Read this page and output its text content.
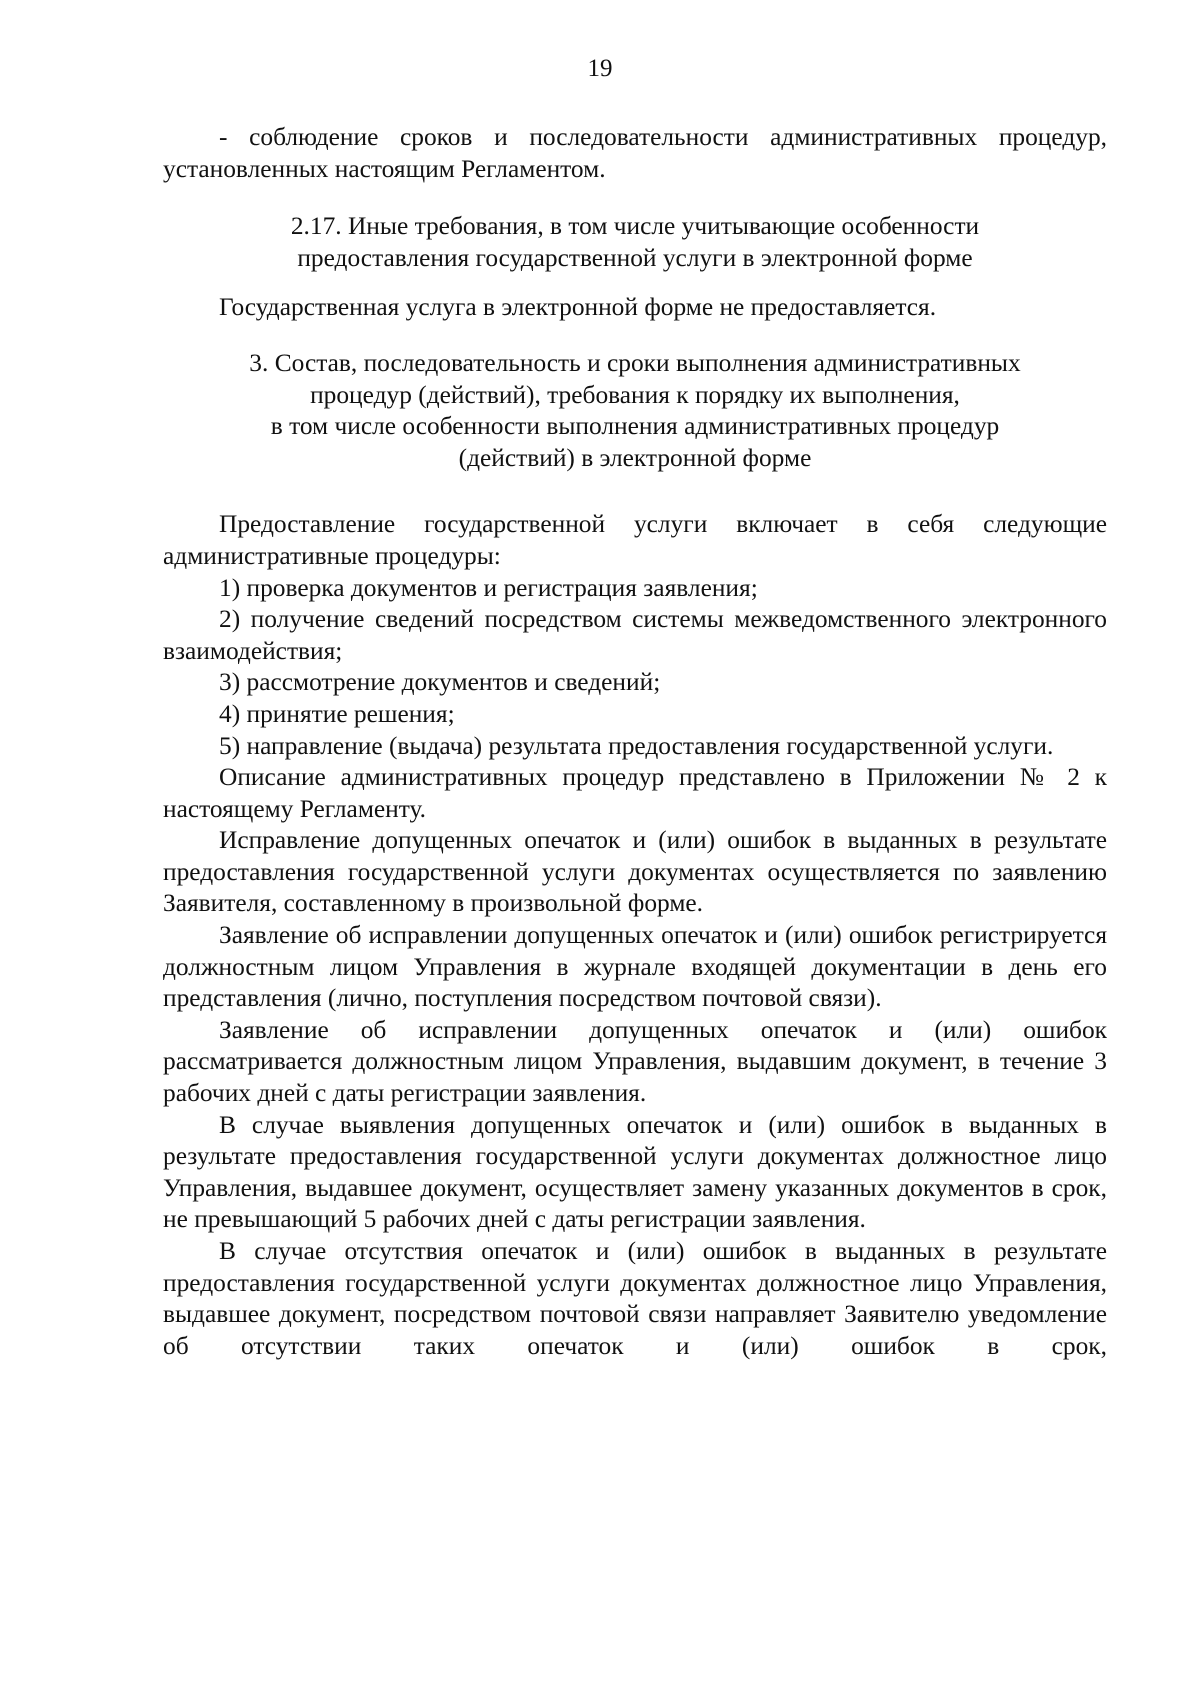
19

- соблюдение сроков и последовательности административных процедур, установленных настоящим Регламентом.

2.17. Иные требования, в том числе учитывающие особенности
предоставления государственной услуги в электронной форме

Государственная услуга в электронной форме не предоставляется.

3. Состав, последовательность и сроки выполнения административных
процедур (действий), требования к порядку их выполнения,
в том числе особенности выполнения административных процедур
(действий) в электронной форме

Предоставление государственной услуги включает в себя следующие административные процедуры:

1) проверка документов и регистрация заявления;

2) получение сведений посредством системы межведомственного электронного взаимодействия;

3) рассмотрение документов и сведений;

4) принятие решения;

5) направление (выдача) результата предоставления государственной услуги.

Описание административных процедур представлено в Приложении № 2 к настоящему Регламенту.

Исправление допущенных опечаток и (или) ошибок в выданных в результате предоставления государственной услуги документах осуществляется по заявлению Заявителя, составленному в произвольной форме.

Заявление об исправлении допущенных опечаток и (или) ошибок регистрируется должностным лицом Управления в журнале входящей документации в день его представления (лично, поступления посредством почтовой связи).

Заявление об исправлении допущенных опечаток и (или) ошибок рассматривается должностным лицом Управления, выдавшим документ, в течение 3 рабочих дней с даты регистрации заявления.

В случае выявления допущенных опечаток и (или) ошибок в выданных в результате предоставления государственной услуги документах должностное лицо Управления, выдавшее документ, осуществляет замену указанных документов в срок, не превышающий 5 рабочих дней с даты регистрации заявления.

В случае отсутствия опечаток и (или) ошибок в выданных в результате предоставления государственной услуги документах должностное лицо Управления, выдавшее документ, посредством почтовой связи направляет Заявителю уведомление об отсутствии таких опечаток и (или) ошибок в срок,
